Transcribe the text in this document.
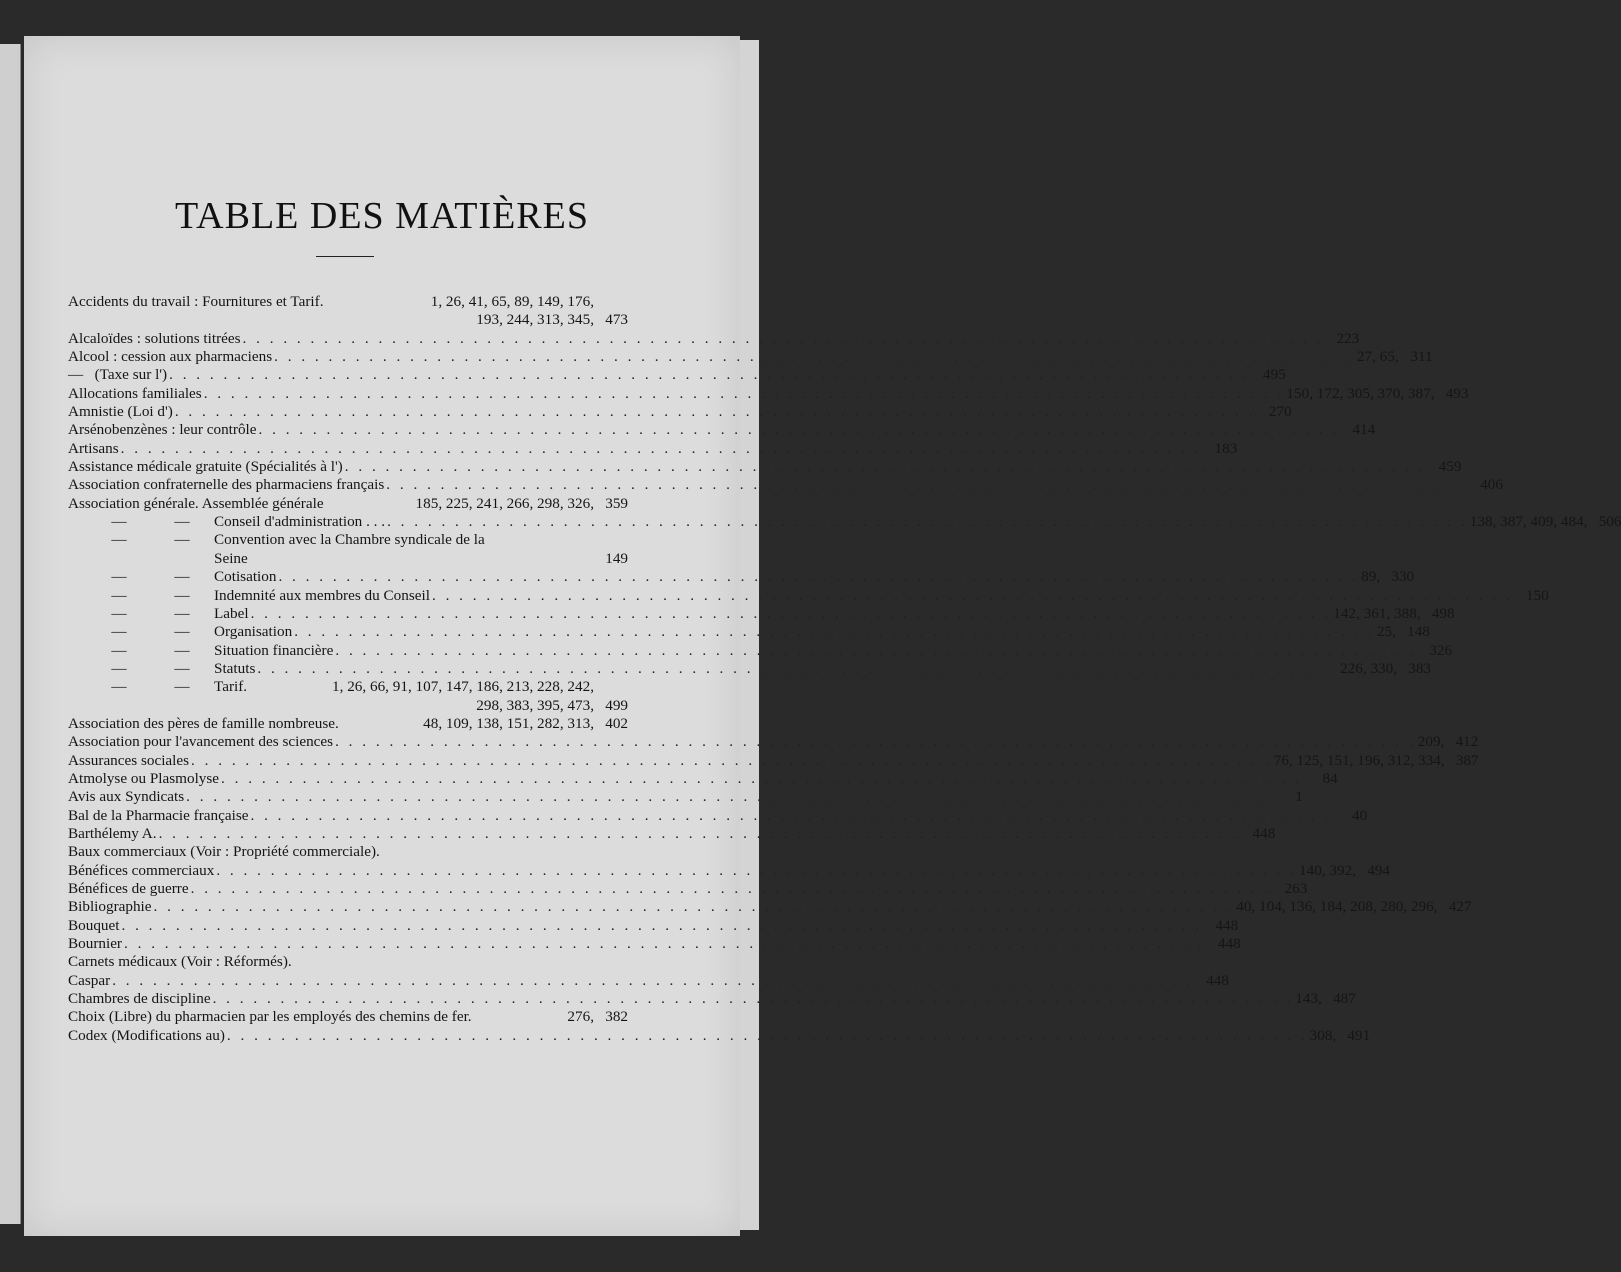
TABLE DES MATIÈRES
Accidents du travail : Fournitures et Tarif.	1, 26, 41, 65, 89, 149, 176,
193, 244, 313, 345, 473
Alcaloïdes : solutions titrées . . . . . . . . . . . . . . . . . . . . . . . . . . . . . . . . . . . . . . . . . . . . . . . . . . . . . . . . . . . . . . . . . . . . . . . . . . . . . . . . 223
Alcool : cession aux pharmaciens . . . . . . . . . . . . . . . . . . . . . . . . . . . . . . . . . . . . . . . . . . . . . . . . . . . . . . . . . . . . . . . . . . . . . . . . . . . . . . . . 27, 65, 311
—   (Taxe sur l') . . . . . . . . . . . . . . . . . . . . . . . . . . . . . . . . . . . . . . . . . . . . . . . . . . . . . . . . . . . . . . . . . . . . . . . . . . . . . . . . 495
Allocations familiales . . . . . . . . . . . . . . . . . . . . . . . . . . . . . . . . . . . . . . . . . . . . . . . . . . . . . . . . . . . . . . . . . . . . . . . . . . . . . . . . 150, 172, 305, 370, 387, 493
Amnistie (Loi d') . . . . . . . . . . . . . . . . . . . . . . . . . . . . . . . . . . . . . . . . . . . . . . . . . . . . . . . . . . . . . . . . . . . . . . . . . . . . . . . . 270
Arsénobenzènes : leur contrôle . . . . . . . . . . . . . . . . . . . . . . . . . . . . . . . . . . . . . . . . . . . . . . . . . . . . . . . . . . . . . . . . . . . . . . . . . . . . . . . . 414
Artisans . . . . . . . . . . . . . . . . . . . . . . . . . . . . . . . . . . . . . . . . . . . . . . . . . . . . . . . . . . . . . . . . . . . . . . . . . . . . . . . . 183
Assistance médicale gratuite (Spécialités à l') . . . . . . . . . . . . . . . . . . . . . . . . . . . . . . . . . . . . . . . . . . . . . . . . . . . . . . . . . . . . . . . . . . . . . . . . . . . . . . . . 459
Association confraternelle des pharmaciens français . . . . . . . . . . . . . . . . . . . . . . . . . . . . . . . . . . . . . . . . . . . . . . . . . . . . . . . . . . . . . . . . . . . . . . . . . . . . . . . . 406
Association générale. Assemblée générale	185, 225, 241, 266, 298, 326, 359
—	— Conseil d'administration . . . . . . . . . . . . . . . . . . . . . . . . . . . . . . . . . . . . . . . . . . . . . . . . . . . . . . . . . . . . . . . . . . . . . . . . . . . . . . . . . . . 138, 387, 409, 484, 506
—	— Convention avec la Chambre syndicale de la
Seine	149
—	— Cotisation . . . . . . . . . . . . . . . . . . . . . . . . . . . . . . . . . . . . . . . . . . . . . . . . . . . . . . . . . . . . . . . . . . . . . . . . . . . . . . . . 89, 330
—	— Indemnité aux membres du Conseil . . . . . . . . . . . . . . . . . . . . . . . . . . . . . . . . . . . . . . . . . . . . . . . . . . . . . . . . . . . . . . . . . . . . . . . . . . . . . . . . 150
—	— Label . . . . . . . . . . . . . . . . . . . . . . . . . . . . . . . . . . . . . . . . . . . . . . . . . . . . . . . . . . . . . . . . . . . . . . . . . . . . . . . . 142, 361, 388, 498
—	— Organisation . . . . . . . . . . . . . . . . . . . . . . . . . . . . . . . . . . . . . . . . . . . . . . . . . . . . . . . . . . . . . . . . . . . . . . . . . . . . . . . . 25, 148
—	— Situation financière . . . . . . . . . . . . . . . . . . . . . . . . . . . . . . . . . . . . . . . . . . . . . . . . . . . . . . . . . . . . . . . . . . . . . . . . . . . . . . . . 326
—	— Statuts . . . . . . . . . . . . . . . . . . . . . . . . . . . . . . . . . . . . . . . . . . . . . . . . . . . . . . . . . . . . . . . . . . . . . . . . . . . . . . . . 226, 330, 383
—	— Tarif.	1, 26, 66, 91, 107, 147, 186, 213, 228, 242,
298, 383, 395, 473, 499
Association des pères de famille nombreuse.	48, 109, 138, 151, 282, 313, 402
Association pour l'avancement des sciences . . . . . . . . . . . . . . . . . . . . . . . . . . . . . . . . . . . . . . . . . . . . . . . . . . . . . . . . . . . . . . . . . . . . . . . . . . . . . . . . 209, 412
Assurances sociales . . . . . . . . . . . . . . . . . . . . . . . . . . . . . . . . . . . . . . . . . . . . . . . . . . . . . . . . . . . . . . . . . . . . . . . . . . . . . . . . 76, 125, 151, 196, 312, 334, 387
Atmolyse ou Plasmolyse . . . . . . . . . . . . . . . . . . . . . . . . . . . . . . . . . . . . . . . . . . . . . . . . . . . . . . . . . . . . . . . . . . . . . . . . . . . . . . . .	84
Avis aux Syndicats . . . . . . . . . . . . . . . . . . . . . . . . . . . . . . . . . . . . . . . . . . . . . . . . . . . . . . . . . . . . . . . . . . . . . . . . . . . . . . . .	1
Bal de la Pharmacie française . . . . . . . . . . . . . . . . . . . . . . . . . . . . . . . . . . . . . . . . . . . . . . . . . . . . . . . . . . . . . . . . . . . . . . . . . . . . . . . .	40
Barthélemy A. . . . . . . . . . . . . . . . . . . . . . . . . . . . . . . . . . . . . . . . . . . . . . . . . . . . . . . . . . . . . . . . . . . . . . . . . . . . . . . . . 448
Baux commerciaux (Voir : Propriété commerciale).
Bénéfices commerciaux . . . . . . . . . . . . . . . . . . . . . . . . . . . . . . . . . . . . . . . . . . . . . . . . . . . . . . . . . . . . . . . . . . . . . . . . . . . . . . . . 140, 392, 494
Bénéfices de guerre . . . . . . . . . . . . . . . . . . . . . . . . . . . . . . . . . . . . . . . . . . . . . . . . . . . . . . . . . . . . . . . . . . . . . . . . . . . . . . . . 263
Bibliographie . . . . . . . . . . . . . . . . . . . . . . . . . . . . . . . . . . . . . . . . . . . . . . . . . . . . . . . . . . . . . . . . . . . . . . . . . . . . . . . . 40, 104, 136, 184, 208, 280, 296, 427
Bouquet . . . . . . . . . . . . . . . . . . . . . . . . . . . . . . . . . . . . . . . . . . . . . . . . . . . . . . . . . . . . . . . . . . . . . . . . . . . . . . . . 448
Bournier . . . . . . . . . . . . . . . . . . . . . . . . . . . . . . . . . . . . . . . . . . . . . . . . . . . . . . . . . . . . . . . . . . . . . . . . . . . . . . . . 448
Carnets médicaux (Voir : Réformés).
Caspar . . . . . . . . . . . . . . . . . . . . . . . . . . . . . . . . . . . . . . . . . . . . . . . . . . . . . . . . . . . . . . . . . . . . . . . . . . . . . . . . 448
Chambres de discipline . . . . . . . . . . . . . . . . . . . . . . . . . . . . . . . . . . . . . . . . . . . . . . . . . . . . . . . . . . . . . . . . . . . . . . . . . . . . . . . . 143, 487
Choix (Libre) du pharmacien par les employés des chemins de fer.	276, 382
Codex (Modifications au) . . . . . . . . . . . . . . . . . . . . . . . . . . . . . . . . . . . . . . . . . . . . . . . . . . . . . . . . . . . . . . . . . . . . . . . . . . . . . . . . 308, 491
